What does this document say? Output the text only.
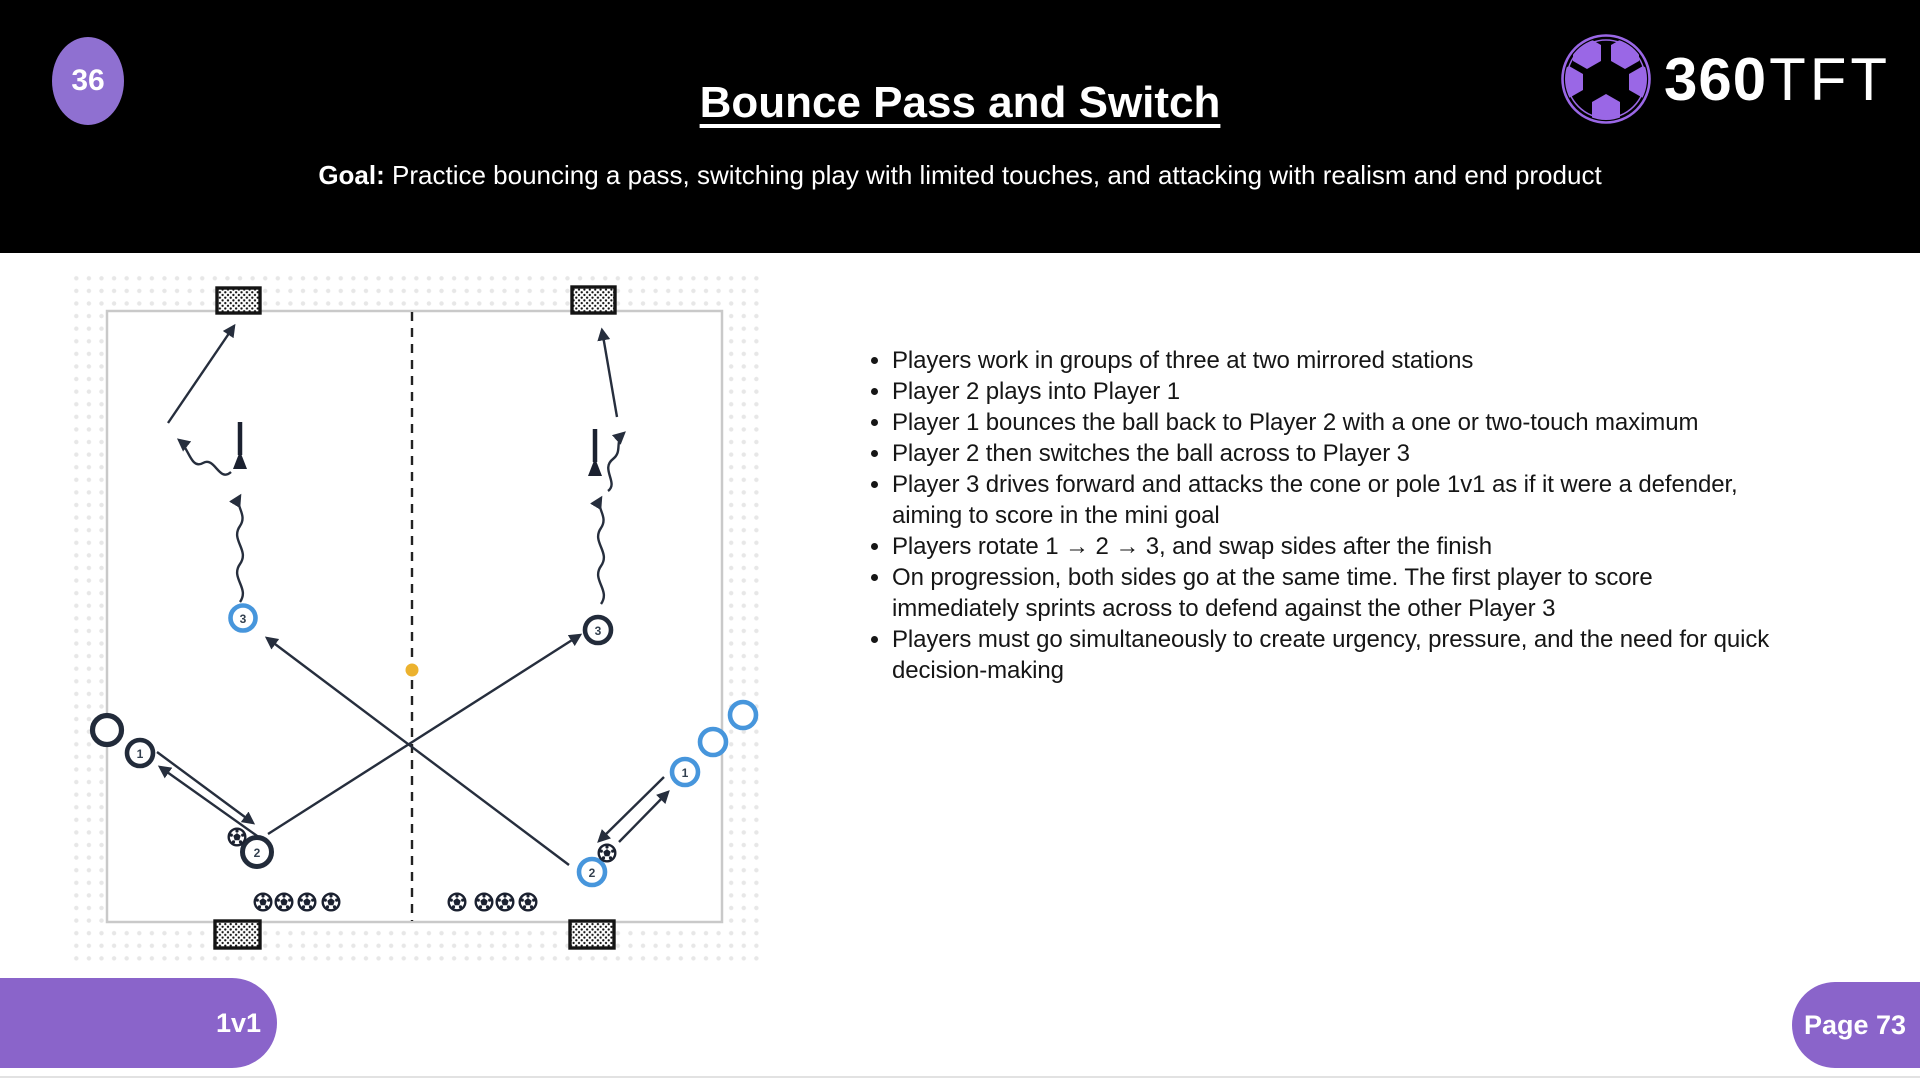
36	Bounce Pass and Switch
Goal: Practice bouncing a pass, switching play with limited touches, and attacking with realism and end product
360 TFT
3
1
2
3
1
2
• Players work in groups of three at two mirrored stations
• Player 2 plays into Player 1
• Player 1 bounces the ball back to Player 2 with a one or two-touch maximum
• Player 2 then switches the ball across to Player 3
• Player 3 drives forward and attacks the cone or pole 1v1 as if it were a defender, aiming to score in the mini goal
• Players rotate 1 → 2 → 3, and swap sides after the finish
• On progression, both sides go at the same time. The first player to score immediately sprints across to defend against the other Player 3
• Players must go simultaneously to create urgency, pressure, and the need for quick decision-making
1v1	Page 73
